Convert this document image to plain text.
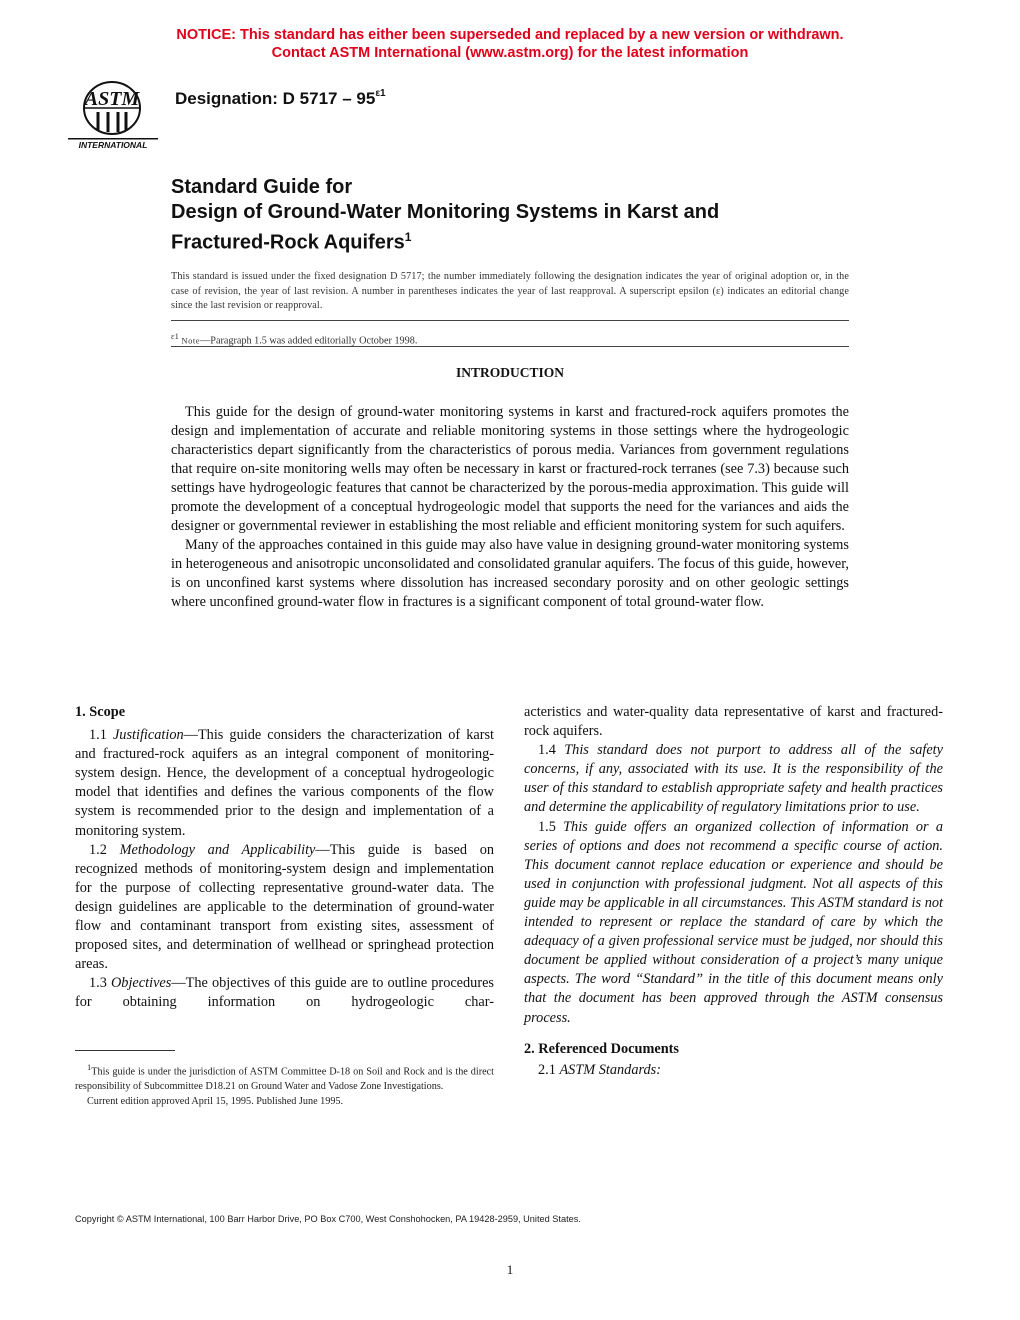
NOTICE: This standard has either been superseded and replaced by a new version or withdrawn.
Contact ASTM International (www.astm.org) for the latest information
ASTM
INTERNATIONAL
Designation: D $5717 - 95^{\varepsilon 1}$
Standard Guide for
Design of Ground-Water Monitoring Systems in Karst and
Fractured-Rock Aquifers$^1$
This standard is issued under the fixed designation D 5717; the number immediately following the designation indicates the year of original adoption or, in the case of revision, the year of last revision. A number in parentheses indicates the year of last reapproval. A superscript epsilon (ε) indicates an editorial change since the last revision or reapproval.
$^{\varepsilon 1}$ Note—Paragraph 1.5 was added editorially October 1998.
INTRODUCTION

This guide for the design of ground-water monitoring systems in karst and fractured-rock aquifers promotes the design and implementation of accurate and reliable monitoring systems in those settings where the hydrogeologic characteristics depart significantly from the characteristics of porous media. Variances from government regulations that require on-site monitoring wells may often be necessary in karst or fractured-rock terranes (see 7.3) because such settings have hydrogeologic features that cannot be characterized by the porous-media approximation. This guide will promote the development of a conceptual hydrogeologic model that supports the need for the variances and aids the designer or governmental reviewer in establishing the most reliable and efficient monitoring system for such aquifers.

Many of the approaches contained in this guide may also have value in designing ground-water monitoring systems in heterogeneous and anisotropic unconsolidated and consolidated granular aquifers. The focus of this guide, however, is on unconfined karst systems where dissolution has increased secondary porosity and on other geologic settings where unconfined ground-water flow in fractures is a significant component of total ground-water flow.

1. Scope

1.1 Justification—This guide considers the characterization of karst and fractured-rock aquifers as an integral component of monitoring-system design. Hence, the development of a conceptual hydrogeologic model that identifies and defines the various components of the flow system is recommended prior to the design and implementation of a monitoring system.

1.2 Methodology and Applicability—This guide is based on recognized methods of monitoring-system design and implementation for the purpose of collecting representative ground-water data. The design guidelines are applicable to the determination of ground-water flow and contaminant transport from existing sites, assessment of proposed sites, and determination of wellhead or springhead protection areas.

1.3 Objectives—The objectives of this guide are to outline procedures for obtaining information on hydrogeologic char-

$^1$This guide is under the jurisdiction of ASTM Committee D-18 on Soil and Rock and is the direct responsibility of Subcommittee D18.21 on Ground Water and Vadose Zone Investigations.

Current edition approved April 15, 1995. Published June 1995.

acteristics and water-quality data representative of karst and fractured-rock aquifers.

1.4 This standard does not purport to address all of the safety concerns, if any, associated with its use. It is the responsibility of the user of this standard to establish appropriate safety and health practices and determine the applicability of regulatory limitations prior to use.

1.5 This guide offers an organized collection of information or a series of options and does not recommend a specific course of action. This document cannot replace education or experience and should be used in conjunction with professional judgment. Not all aspects of this guide may be applicable in all circumstances. This ASTM standard is not intended to represent or replace the standard of care by which the adequacy of a given professional service must be judged, nor should this document be applied without consideration of a project’s many unique aspects. The word “Standard” in the title of this document means only that the document has been approved through the ASTM consensus process.

2. Referenced Documents

2.1 ASTM Standards:

Copyright © ASTM International, 100 Barr Harbor Drive, PO Box C700, West Conshohocken, PA 19428-2959, United States.
1
